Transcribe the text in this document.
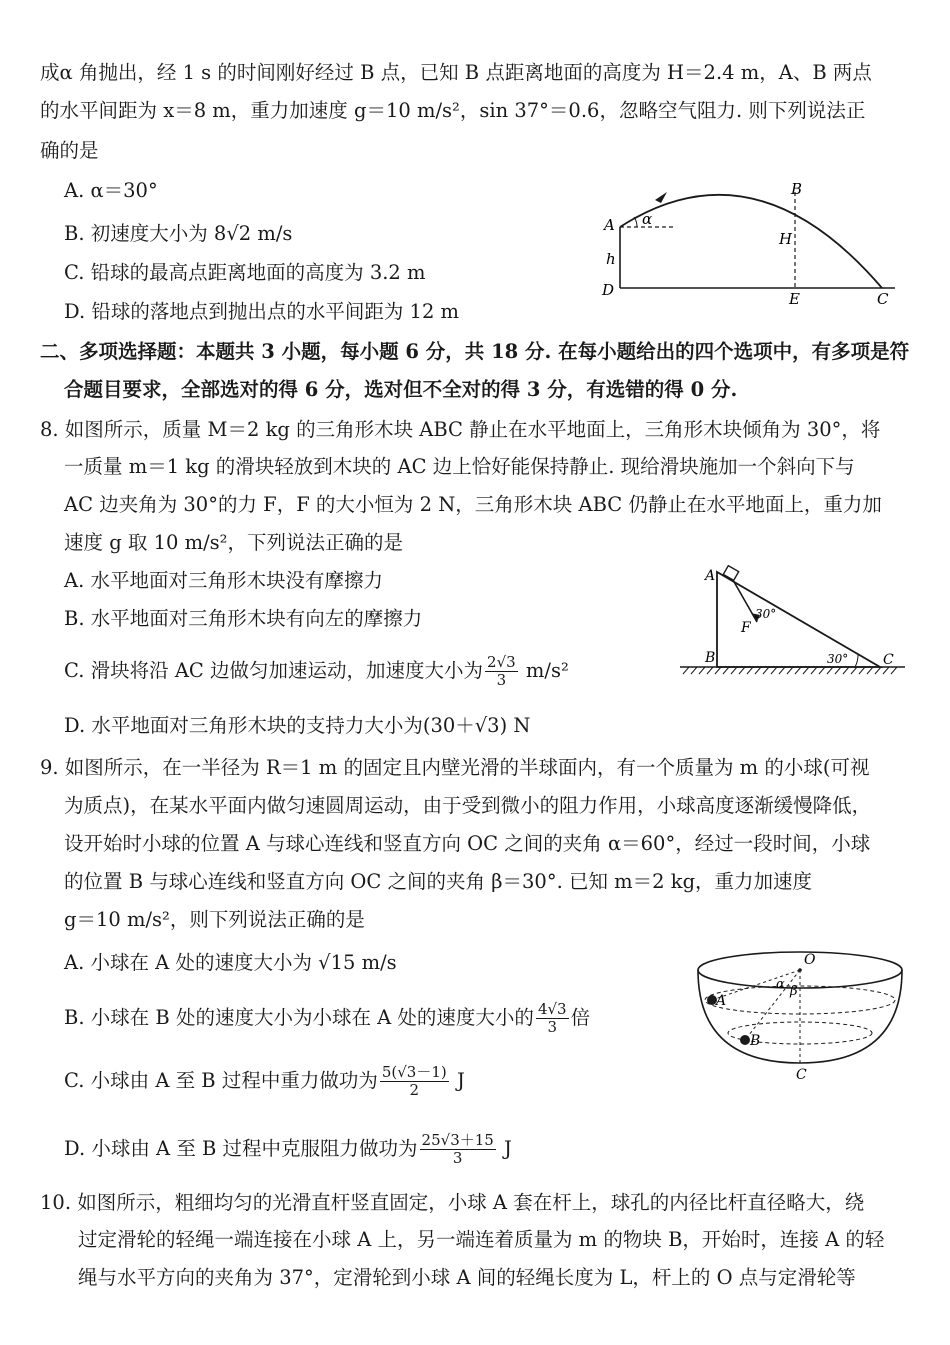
成α 角抛出，经 1 s 的时间刚好经过 B 点，已知 B 点距离地面的高度为 H＝2.4 m，A、B 两点
的水平间距为 x＝8 m，重力加速度 g＝10 m/s²，sin 37°＝0.6，忽略空气阻力. 则下列说法正
确的是
A. α＝30°
B. 初速度大小为 8√2 m/s
C. 铅球的最高点距离地面的高度为 3.2 m
D. 铅球的落地点到抛出点的水平间距为 12 m
α
A
h
D
B
H
E	C
二、多项选择题：本题共 3 小题，每小题 6 分，共 18 分. 在每小题给出的四个选项中，有多项是符
合题目要求，全部选对的得 6 分，选对但不全对的得 3 分，有选错的得 0 分.
8. 如图所示，质量 M＝2 kg 的三角形木块 ABC 静止在水平地面上，三角形木块倾角为 30°，将
一质量 m＝1 kg 的滑块轻放到木块的 AC 边上恰好能保持静止. 现给滑块施加一个斜向下与
AC 边夹角为 30°的力 F，F 的大小恒为 2 N，三角形木块 ABC 仍静止在水平地面上，重力加
速度 g 取 10 m/s²，下列说法正确的是
A. 水平地面对三角形木块没有摩擦力
B. 水平地面对三角形木块有向左的摩擦力
C. 滑块将沿 AC 边做匀加速运动，加速度大小为 $\frac{2√3}{3} m/s^2$
D. 水平地面对三角形木块的支持力大小为(30＋√3) N
A
B	C
F
30°
30°
9. 如图所示，在一半径为 R＝1 m 的固定且内壁光滑的半球面内，有一个质量为 m 的小球(可视
为质点)，在某水平面内做匀速圆周运动，由于受到微小的阻力作用，小球高度逐渐缓慢降低，
设开始时小球的位置 A 与球心连线和竖直方向 OC 之间的夹角 α＝60°，经过一段时间，小球
的位置 B 与球心连线和竖直方向 OC 之间的夹角 β＝30°. 已知 m＝2 kg，重力加速度
g＝10 m/s²，则下列说法正确的是
A. 小球在 A 处的速度大小为 √15 m/s
B. 小球在 B 处的速度大小为小球在 A 处的速度大小的 $\frac{4√3}{3}$ 倍
C. 小球由 A 至 B 过程中重力做功为 $\frac{5(√3-1)}{2}$ J
D. 小球由 A 至 B 过程中克服阻力做功为 $\frac{25√3+15}{3}$ J
O
A
B
C
α β
10. 如图所示，粗细均匀的光滑直杆竖直固定，小球 A 套在杆上，球孔的内径比杆直径略大，绕
过定滑轮的轻绳一端连接在小球 A 上，另一端连着质量为 m 的物块 B，开始时，连接 A 的轻
绳与水平方向的夹角为 37°，定滑轮到小球 A 间的轻绳长度为 L，杆上的 O 点与定滑轮等
